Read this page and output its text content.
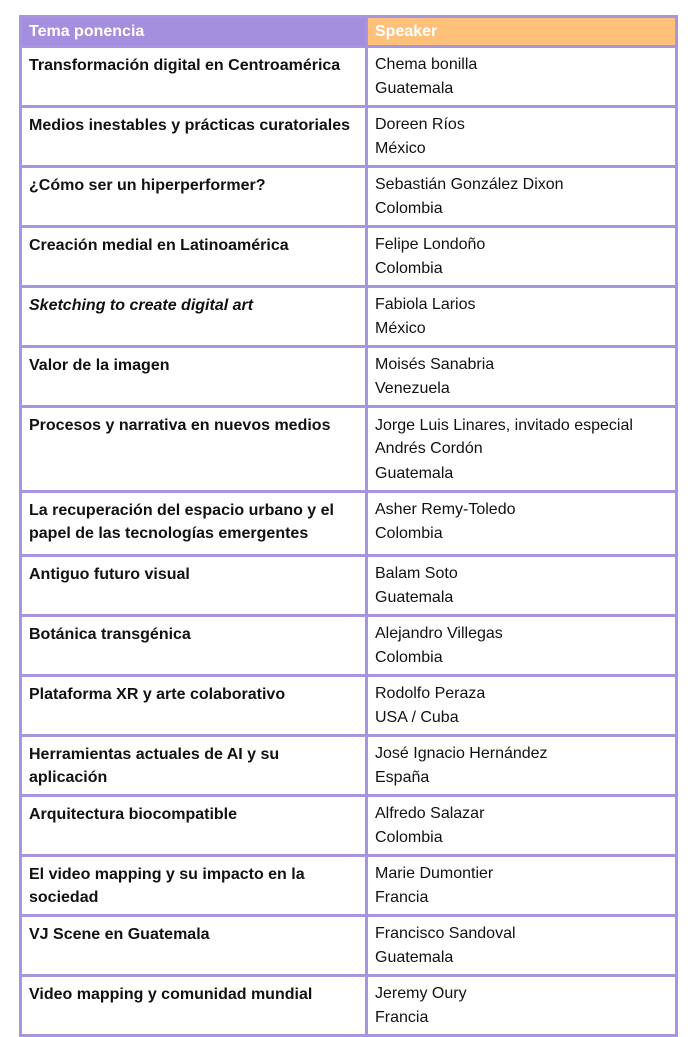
Tema ponencia	Speaker

Transformación digital en Centroamérica	Chema bonilla
Guatemala

Medios inestables y prácticas curatoriales	Doreen Ríos
México

¿Cómo ser un hiperperformer?	Sebastián González Dixon
Colombia

Creación medial en Latinoamérica	Felipe Londoño
Colombia

Sketching to create digital art	Fabiola Larios
México

Valor de la imagen	Moisés Sanabria
Venezuela

Procesos y narrativa en nuevos medios	Jorge Luis Linares, invitado especial
Andrés Cordón
Guatemala

La recuperación del espacio urbano y el papel de las tecnologías emergentes	Asher Remy-Toledo
Colombia

Antiguo futuro visual	Balam Soto
Guatemala

Botánica transgénica	Alejandro Villegas
Colombia

Plataforma XR y arte colaborativo	Rodolfo Peraza
USA / Cuba

Herramientas actuales de AI y su aplicación	José Ignacio Hernández
España

Arquitectura biocompatible	Alfredo Salazar
Colombia

El video mapping y su impacto en la sociedad	Marie Dumontier
Francia

VJ Scene en Guatemala	Francisco Sandoval
Guatemala

Video mapping y comunidad mundial	Jeremy Oury
Francia
